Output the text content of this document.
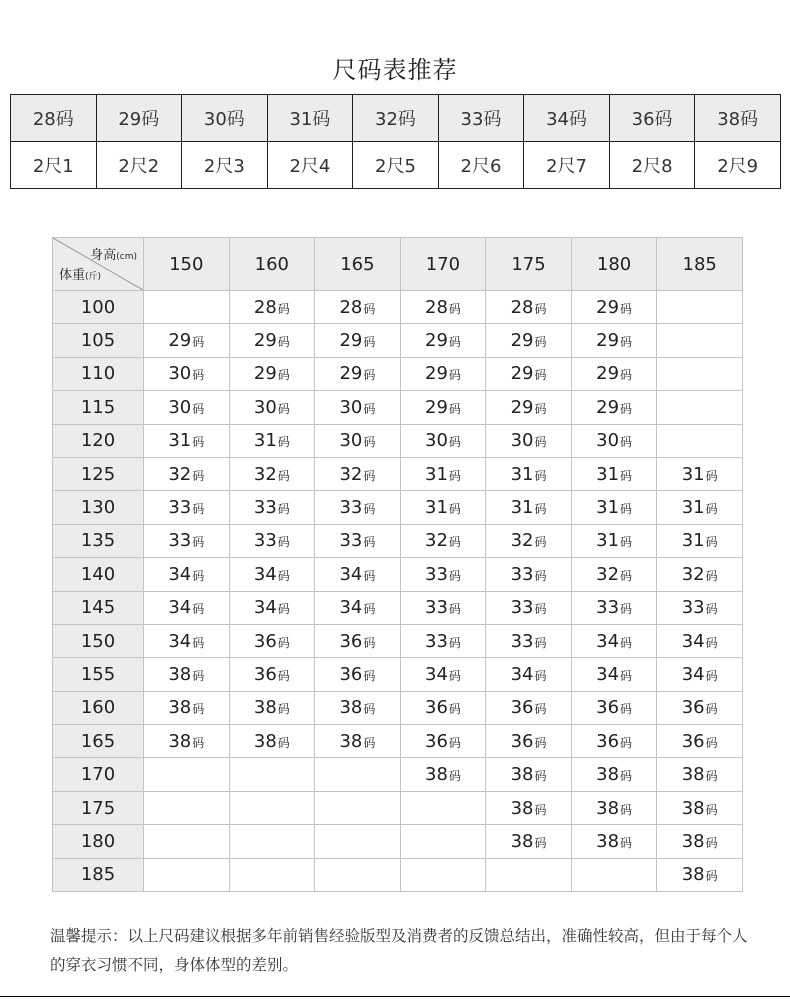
尺码表推荐
28码	29码	30码	31码	32码	33码	34码	36码	38码
2尺1	2尺2	2尺3	2尺4	2尺5	2尺6	2尺7	2尺8	2尺9
身高(cm)
体重(斤)	150	160	165	170	175	180	185
100		28码	28码	28码	28码	29码	
105	29码	29码	29码	29码	29码	29码	
110	30码	29码	29码	29码	29码	29码	
115	30码	30码	30码	29码	29码	29码	
120	31码	31码	30码	30码	30码	30码	
125	32码	32码	32码	31码	31码	31码	31码
130	33码	33码	33码	31码	31码	31码	31码
135	33码	33码	33码	32码	32码	31码	31码
140	34码	34码	34码	33码	33码	32码	32码
145	34码	34码	34码	33码	33码	33码	33码
150	34码	36码	36码	33码	33码	34码	34码
155	38码	36码	36码	34码	34码	34码	34码
160	38码	38码	38码	36码	36码	36码	36码
165	38码	38码	38码	36码	36码	36码	36码
170				38码	38码	38码	38码
175					38码	38码	38码
180					38码	38码	38码
185							38码
温馨提示：以上尺码建议根据多年前销售经验版型及消费者的反馈总结出，准确性较高，但由于每个人的穿衣习惯不同，身体体型的差别。
